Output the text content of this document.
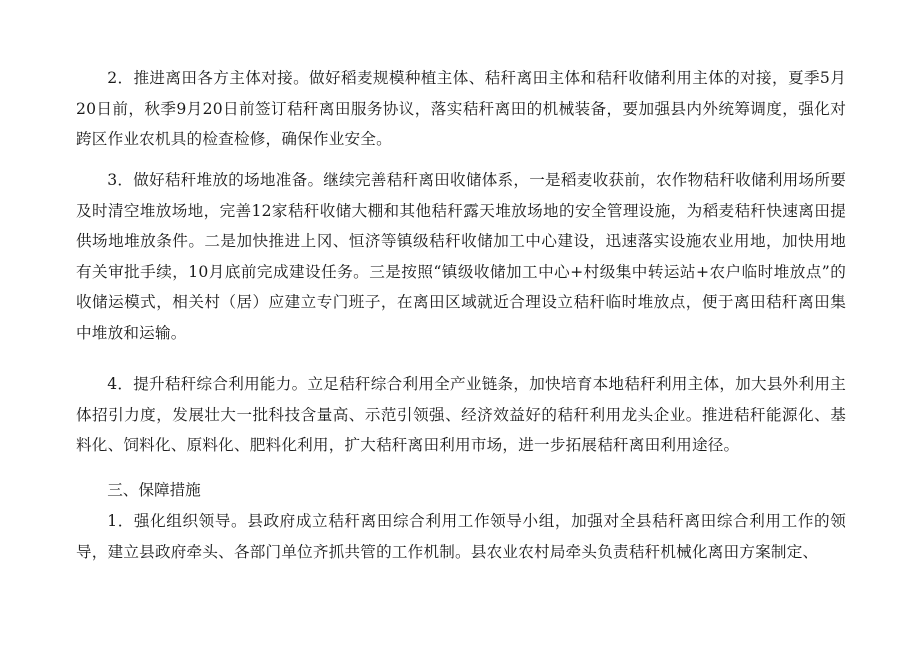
2．推进离田各方主体对接。做好稻麦规模种植主体、秸秆离田主体和秸秆收储利用主体的对接，夏季5月20日前，秋季9月20日前签订秸秆离田服务协议，落实秸秆离田的机械装备，要加强县内外统筹调度，强化对跨区作业农机具的检查检修，确保作业安全。

3．做好秸秆堆放的场地准备。继续完善秸秆离田收储体系，一是稻麦收获前，农作物秸秆收储利用场所要及时清空堆放场地，完善12家秸秆收储大棚和其他秸秆露天堆放场地的安全管理设施，为稻麦秸秆快速离田提供场地堆放条件。二是加快推进上冈、恒济等镇级秸秆收储加工中心建设，迅速落实设施农业用地，加快用地有关审批手续，10月底前完成建设任务。三是按照“镇级收储加工中心+村级集中转运站+农户临时堆放点”的收储运模式，相关村（居）应建立专门班子，在离田区域就近合理设立秸秆临时堆放点，便于离田秸秆离田集中堆放和运输。

4．提升秸秆综合利用能力。立足秸秆综合利用全产业链条，加快培育本地秸秆利用主体，加大县外利用主体招引力度，发展壮大一批科技含量高、示范引领强、经济效益好的秸秆利用龙头企业。推进秸秆能源化、基料化、饲料化、原料化、肥料化利用，扩大秸秆离田利用市场，进一步拓展秸秆离田利用途径。

三、保障措施

1．强化组织领导。县政府成立秸秆离田综合利用工作领导小组，加强对全县秸秆离田综合利用工作的领导，建立县政府牵头、各部门单位齐抓共管的工作机制。县农业农村局牵头负责秸秆机械化离田方案制定、
